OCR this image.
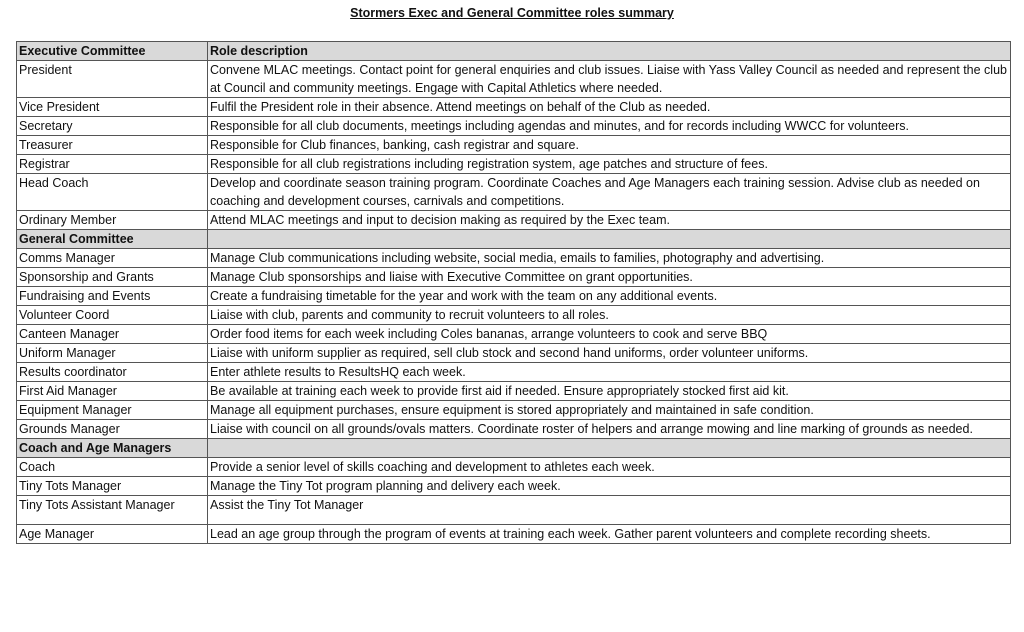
Stormers Exec and General Committee roles summary
Executive Committee	Role description
President	Convene MLAC meetings. Contact point for general enquiries and club issues. Liaise with Yass Valley Council as needed and represent the club at Council and community meetings. Engage with Capital Athletics where needed.
Vice President	Fulfil the President role in their absence. Attend meetings on behalf of the Club as needed.
Secretary	Responsible for all club documents, meetings including agendas and minutes, and for records including WWCC for volunteers.
Treasurer	Responsible for Club finances, banking, cash registrar and square.
Registrar	Responsible for all club registrations including registration system, age patches and structure of fees.
Head Coach	Develop and coordinate season training program. Coordinate Coaches and Age Managers each training session. Advise club as needed on coaching and development courses, carnivals and competitions.
Ordinary Member	Attend MLAC meetings and input to decision making as required by the Exec team.
General Committee	
Comms Manager	Manage Club communications including website, social media, emails to families, photography and advertising.
Sponsorship and Grants	Manage Club sponsorships and liaise with Executive Committee on grant opportunities.
Fundraising and Events	Create a fundraising timetable for the year and work with the team on any additional events.
Volunteer Coord	Liaise with club, parents and community to recruit volunteers to all roles.
Canteen Manager	Order food items for each week including Coles bananas, arrange volunteers to cook and serve BBQ
Uniform Manager	Liaise with uniform supplier as required, sell club stock and second hand uniforms, order volunteer uniforms.
Results coordinator	Enter athlete results to ResultsHQ each week.
First Aid Manager	Be available at training each week to provide first aid if needed. Ensure appropriately stocked first aid kit.
Equipment Manager	Manage all equipment purchases, ensure equipment is stored appropriately and maintained in safe condition.
Grounds Manager	Liaise with council on all grounds/ovals matters. Coordinate roster of helpers and arrange mowing and line marking of grounds as needed.
Coach and Age Managers	
Coach	Provide a senior level of skills coaching and development to athletes each week.
Tiny Tots Manager	Manage the Tiny Tot program planning and delivery each week.
Tiny Tots Assistant Manager	Assist the Tiny Tot Manager
Age Manager	Lead an age group through the program of events at training each week. Gather parent volunteers and complete recording sheets.
